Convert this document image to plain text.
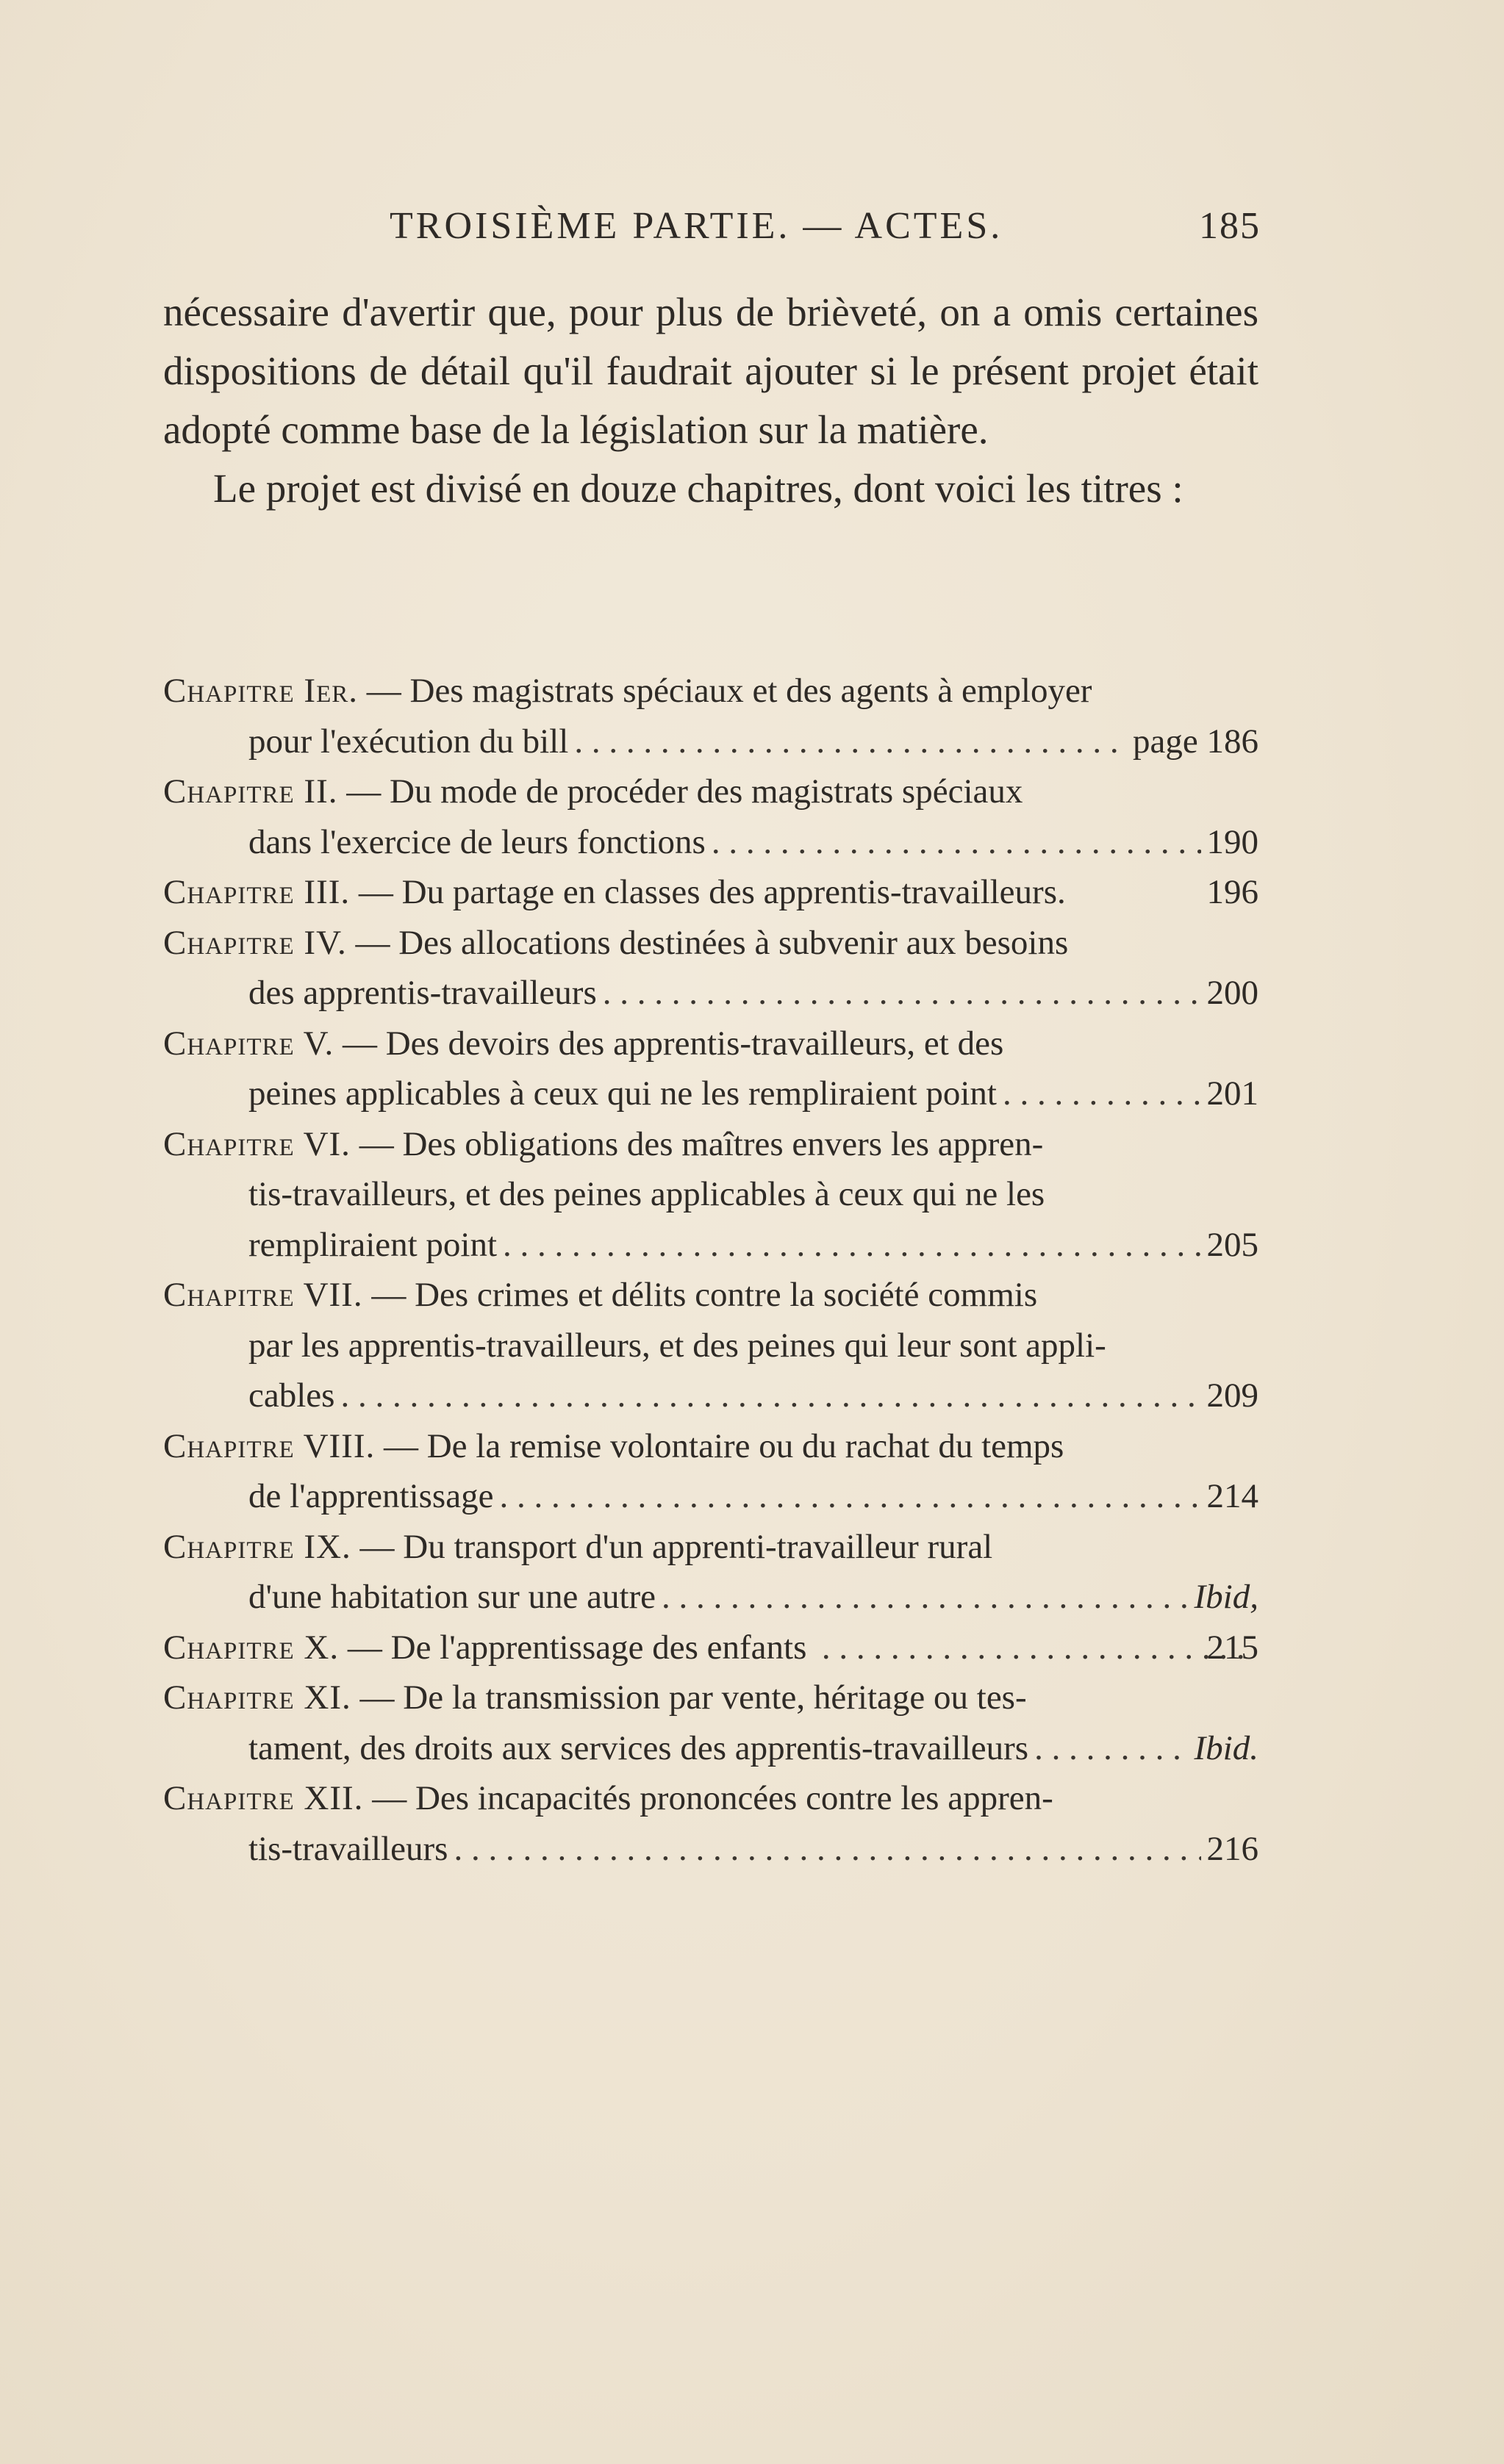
TROISIÈME PARTIE. — ACTES.	185

nécessaire d'avertir que, pour plus de brièveté, on a omis certaines dispositions de détail qu'il faudrait ajouter si le présent projet était adopté comme base de la législation sur la matière.

Le projet est divisé en douze chapitres, dont voici les titres :

Chapitre Ier. — Des magistrats spéciaux et des agents à employer
pour l'exécution du bill . . .	page 186
Chapitre II. — Du mode de procéder des magistrats spéciaux
dans l'exercice de leurs fonctions . . .	190
Chapitre III. — Du partage en classes des apprentis-travailleurs.	196
Chapitre IV. — Des allocations destinées à subvenir aux besoins
des apprentis-travailleurs . . .	200
Chapitre V. — Des devoirs des apprentis-travailleurs, et des
peines applicables à ceux qui ne les rempliraient point . . .	201
Chapitre VI. — Des obligations des maîtres envers les appren-
tis-travailleurs, et des peines applicables à ceux qui ne les
rempliraient point . . .	205
Chapitre VII. — Des crimes et délits contre la société commis
par les apprentis-travailleurs, et des peines qui leur sont appli-
cables . . .	209
Chapitre VIII. — De la remise volontaire ou du rachat du temps
de l'apprentissage . . .	214
Chapitre IX. — Du transport d'un apprenti-travailleur rural
d'une habitation sur une autre . . .	Ibid,
Chapitre X. — De l'apprentissage des enfants . . .	215
Chapitre XI. — De la transmission par vente, héritage ou tes-
tament, des droits aux services des apprentis-travailleurs . . .	Ibid.
Chapitre XII. — Des incapacités prononcées contre les appren-
tis-travailleurs . . .	216
